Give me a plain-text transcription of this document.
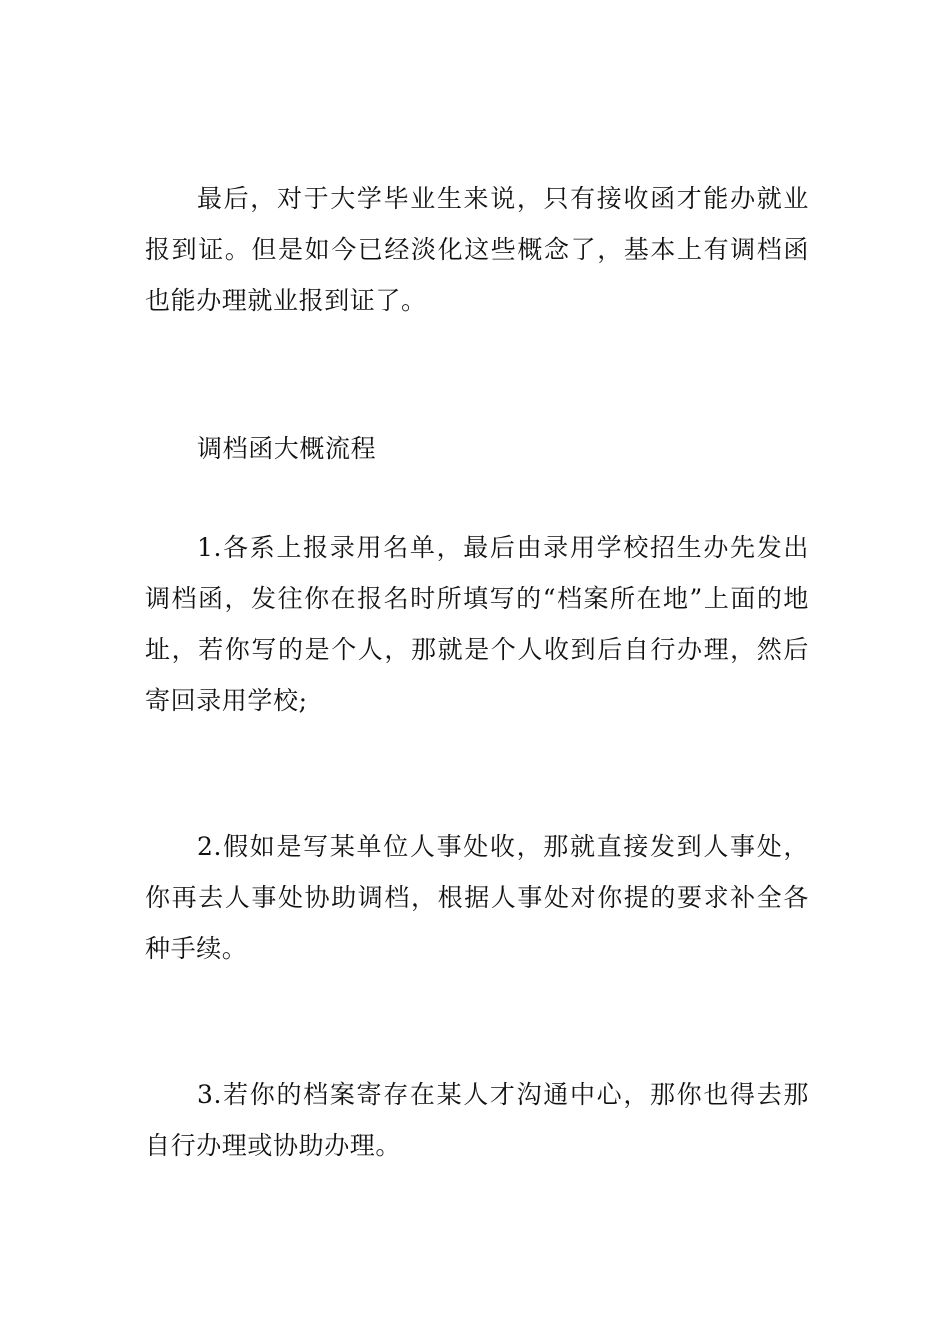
最后，对于大学毕业生来说，只有接收函才能办就业报到证。但是如今已经淡化这些概念了，基本上有调档函也能办理就业报到证了。

调档函大概流程

1.各系上报录用名单，最后由录用学校招生办先发出调档函，发往你在报名时所填写的“档案所在地”上面的地址，若你写的是个人，那就是个人收到后自行办理，然后寄回录用学校;

2.假如是写某单位人事处收，那就直接发到人事处，你再去人事处协助调档，根据人事处对你提的要求补全各种手续。

3.若你的档案寄存在某人才沟通中心，那你也得去那自行办理或协助办理。
